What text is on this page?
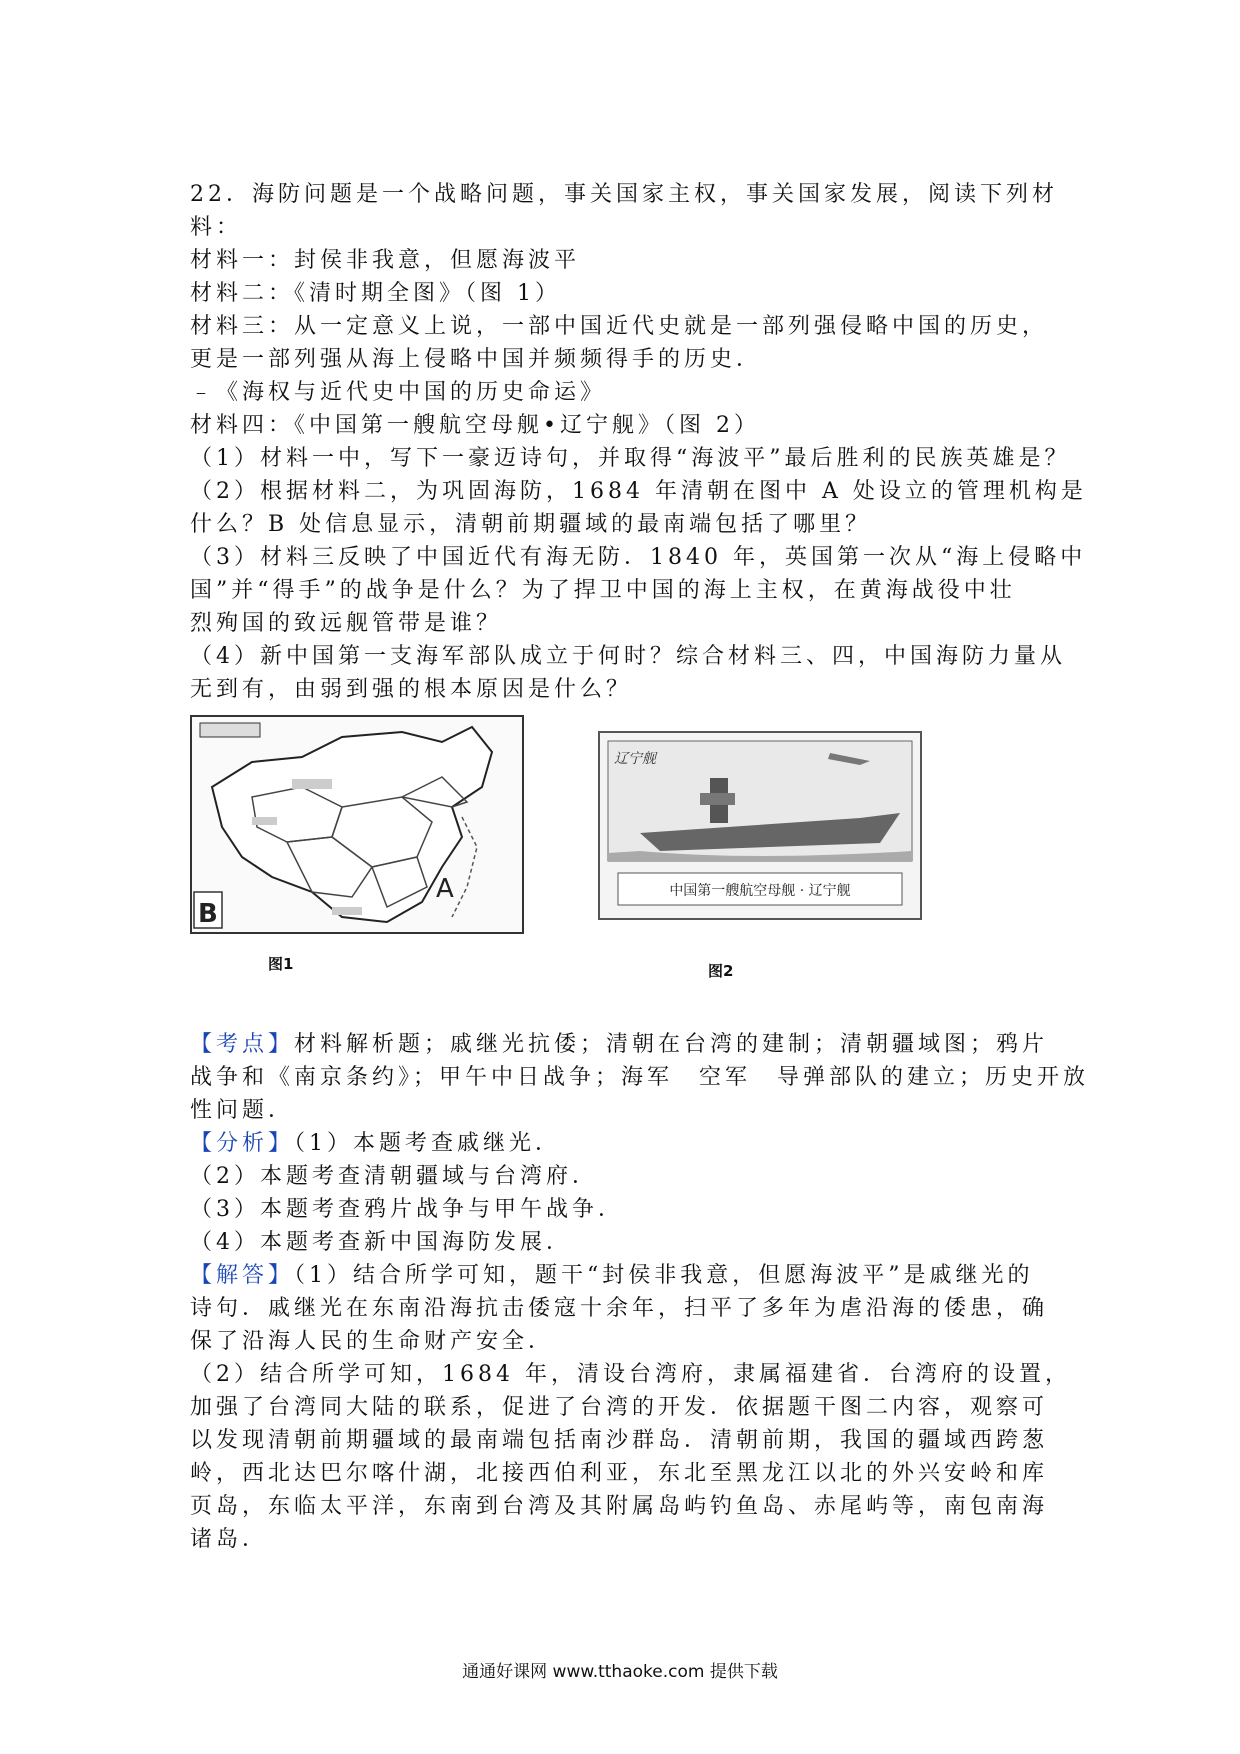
22．海防问题是一个战略问题，事关国家主权，事关国家发展，阅读下列材
料：
材料一：封侯非我意，但愿海波平
材料二：《清时期全图》（图 1）
材料三：从一定意义上说，一部中国近代史就是一部列强侵略中国的历史，
更是一部列强从海上侵略中国并频频得手的历史．
﹣《海权与近代史中国的历史命运》
材料四：《中国第一艘航空母舰•辽宁舰》（图 2）
（1）材料一中，写下一豪迈诗句，并取得“海波平”最后胜利的民族英雄是？
（2）根据材料二，为巩固海防，1684 年清朝在图中 A 处设立的管理机构是
什么？B 处信息显示，清朝前期疆域的最南端包括了哪里？
（3）材料三反映了中国近代有海无防．1840 年，英国第一次从“海上侵略中
国”并“得手”的战争是什么？为了捍卫中国的海上主权，在黄海战役中壮
烈殉国的致远舰管带是谁？
（4）新中国第一支海军部队成立于何时？综合材料三、四，中国海防力量从
无到有，由弱到强的根本原因是什么？
B
A
辽宁舰
中国第一艘航空母舰 · 辽宁舰
图1	图2
【考点】材料解析题；戚继光抗倭；清朝在台湾的建制；清朝疆域图；鸦片
战争和《南京条约》；甲午中日战争；海军　空军　导弹部队的建立；历史开放
性问题．
【分析】（1）本题考查戚继光．
（2）本题考查清朝疆域与台湾府．
（3）本题考查鸦片战争与甲午战争．
（4）本题考查新中国海防发展．
【解答】（1）结合所学可知，题干“封侯非我意，但愿海波平”是戚继光的
诗句．戚继光在东南沿海抗击倭寇十余年，扫平了多年为虐沿海的倭患，确
保了沿海人民的生命财产安全．
（2）结合所学可知，1684 年，清设台湾府，隶属福建省．台湾府的设置，
加强了台湾同大陆的联系，促进了台湾的开发．依据题干图二内容，观察可
以发现清朝前期疆域的最南端包括南沙群岛．清朝前期，我国的疆域西跨葱
岭，西北达巴尔喀什湖，北接西伯利亚，东北至黑龙江以北的外兴安岭和库
页岛，东临太平洋，东南到台湾及其附属岛屿钓鱼岛、赤尾屿等，南包南海
诸岛．
通通好课网 www.tthaoke.com 提供下载
